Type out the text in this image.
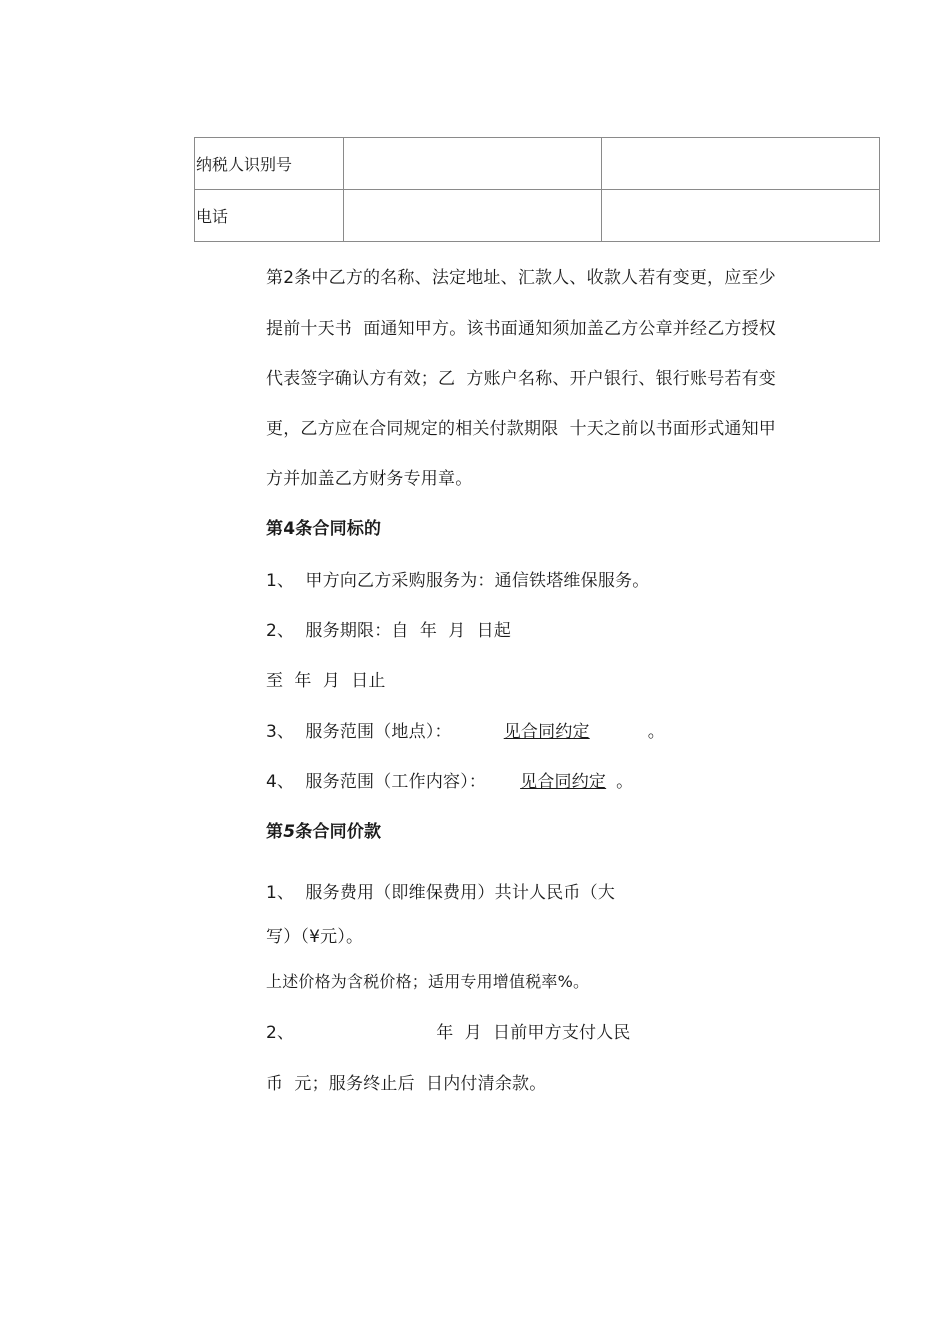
纳税人识别号		
电话		
第2条中乙方的名称、法定地址、汇款人、收款人若有变更，应至少
提前十天书  面通知甲方。该书面通知须加盖乙方公章并经乙方授权
代表签字确认方有效；乙  方账户名称、开户银行、银行账号若有变
更，乙方应在合同规定的相关付款期限  十天之前以书面形式通知甲
方并加盖乙方财务专用章。
第4条合同标的
1、  甲方向乙方采购服务为：通信铁塔维保服务。
2、  服务期限：自  年  月  日起
至  年  月  日止
3、  服务范围（地点）：	见合同约定	。
4、  服务范围（工作内容）： 见合同约定 。
第5条合同价款
1、  服务费用（即维保费用）共计人民币（大
写）（¥元）。
上述价格为含税价格；适用专用增值税率%。
2、	年  月  日前甲方支付人民
币  元；服务终止后  日内付清余款。
